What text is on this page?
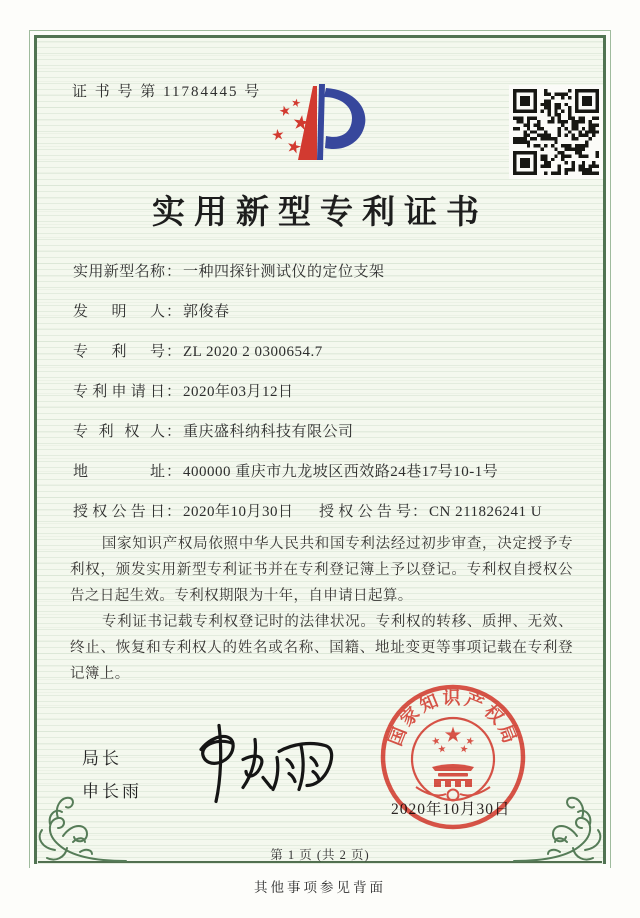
证 书 号 第 11784445 号
实用新型专利证书
实用新型名称： 一种四探针测试仪的定位支架
发 明 人： 郭俊春
专 利 号： ZL 2020 2 0300654.7
专利申请日： 2020年03月12日
专 利 权 人： 重庆盛科纳科技有限公司
地 址： 400000 重庆市九龙坡区西效路24巷17号10-1号
授权公告日： 2020年10月30日 授权公告号： CN 211826241 U

国家知识产权局依照中华人民共和国专利法经过初步审查，决定授予专利权，颁发实用新型专利证书并在专利登记簿上予以登记。专利权自授权公告之日起生效。专利权期限为十年，自申请日起算。

专利证书记载专利权登记时的法律状况。专利权的转移、质押、无效、终止、恢复和专利权人的姓名或名称、国籍、地址变更等事项记载在专利登记簿上。

局长
申长雨
2020年10月30日
国家知识产权局
第 1 页 (共 2 页)
其他事项参见背面
